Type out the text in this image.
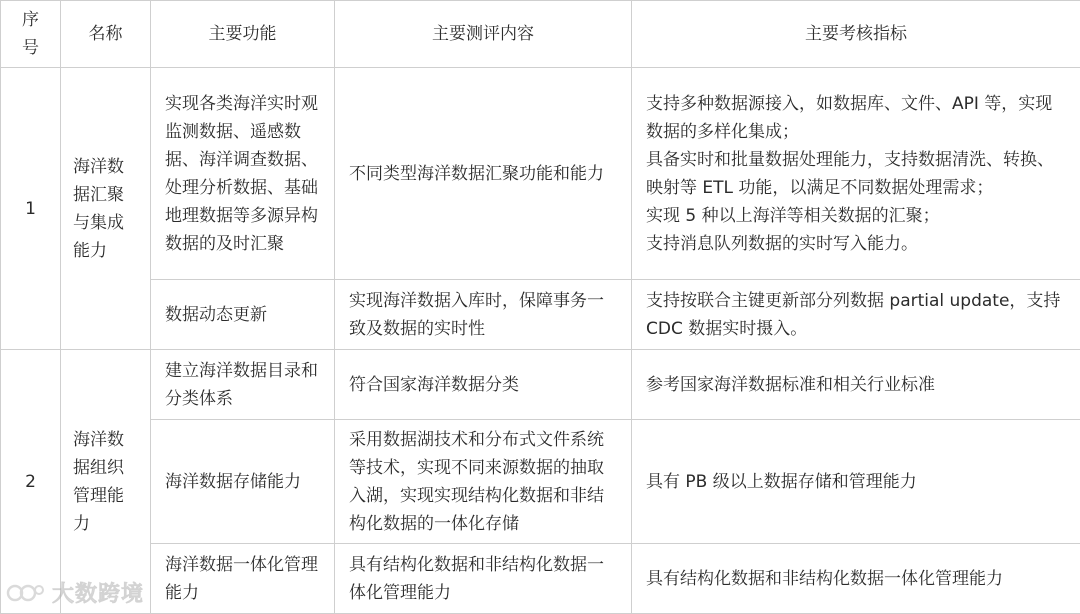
序
号	名称	主要功能	主要测评内容	主要考核指标
1	海洋数据汇聚与集成能力	实现各类海洋实时观监测数据、遥感数据、海洋调查数据、处理分析数据、基础地理数据等多源异构数据的及时汇聚	不同类型海洋数据汇聚功能和能力	支持多种数据源接入，如数据库、文件、API 等，实现数据的多样化集成；

具备实时和批量数据处理能力，支持数据清洗、转换、映射等 ETL 功能，以满足不同数据处理需求；

实现 5 种以上海洋等相关数据的汇聚；

支持消息队列数据的实时写入能力。

		数据动态更新	实现海洋数据入库时，保障事务一致及数据的实时性	支持按联合主键更新部分列数据 partial update，支持 CDC 数据实时摄入。

2	海洋数据组织管理能力	建立海洋数据目录和分类体系	符合国家海洋数据分类	参考国家海洋数据标准和相关行业标准

		海洋数据存储能力	采用数据湖技术和分布式文件系统等技术，实现不同来源数据的抽取入湖，实现实现结构化数据和非结构化数据的一体化存储	具有 PB 级以上数据存储和管理能力

		海洋数据一体化管理能力	具有结构化数据和非结构化数据一体化管理能力	具有结构化数据和非结构化数据一体化管理能力

大数跨境
